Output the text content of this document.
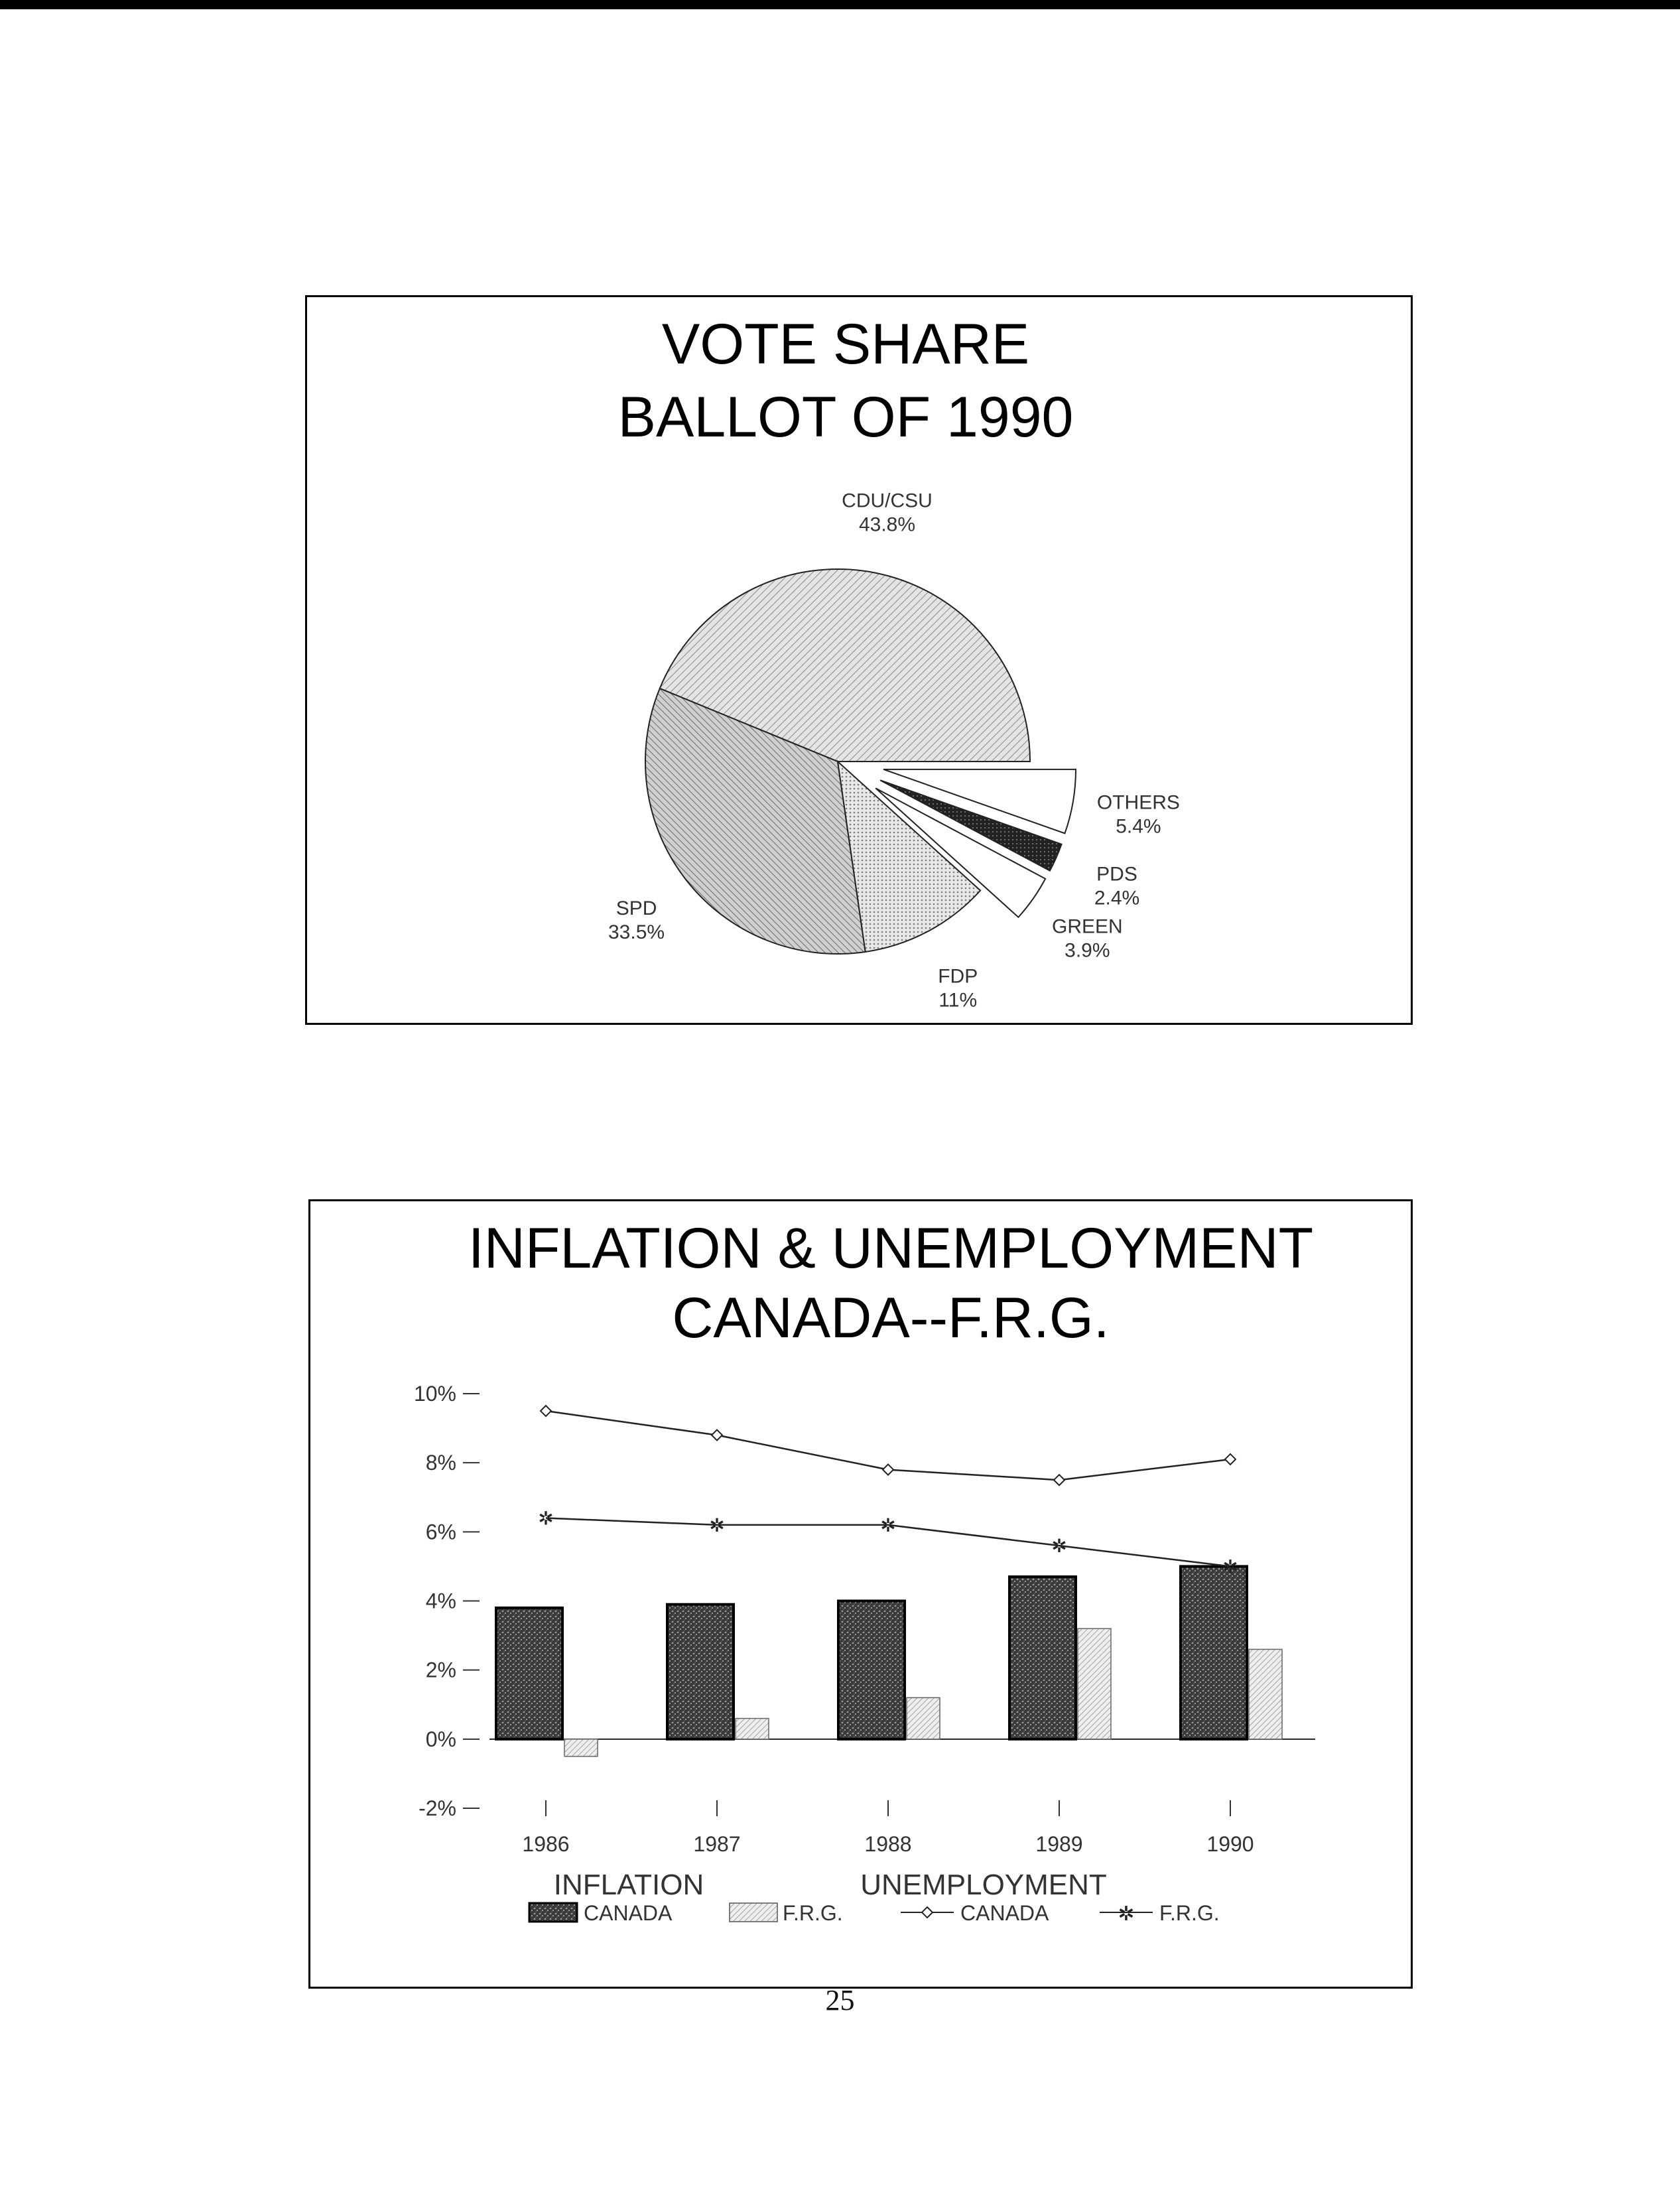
VOTE SHARE
BALLOT OF 1990
CDU/CSU
43.8%
SPD
33.5%
FDP
11%
GREEN
3.9%
PDS
2.4%
OTHERS
5.4%
INFLATION & UNEMPLOYMENT
CANADA--F.R.G.
10%
8%
6%
4%
2%
0%
-2%
1986	1987	1988	1989	1990
✲	✲	✲
✲
✲
INFLATION	UNEMPLOYMENT
CANADA	F.R.G.	CANADA	✲ F.R.G.
25
